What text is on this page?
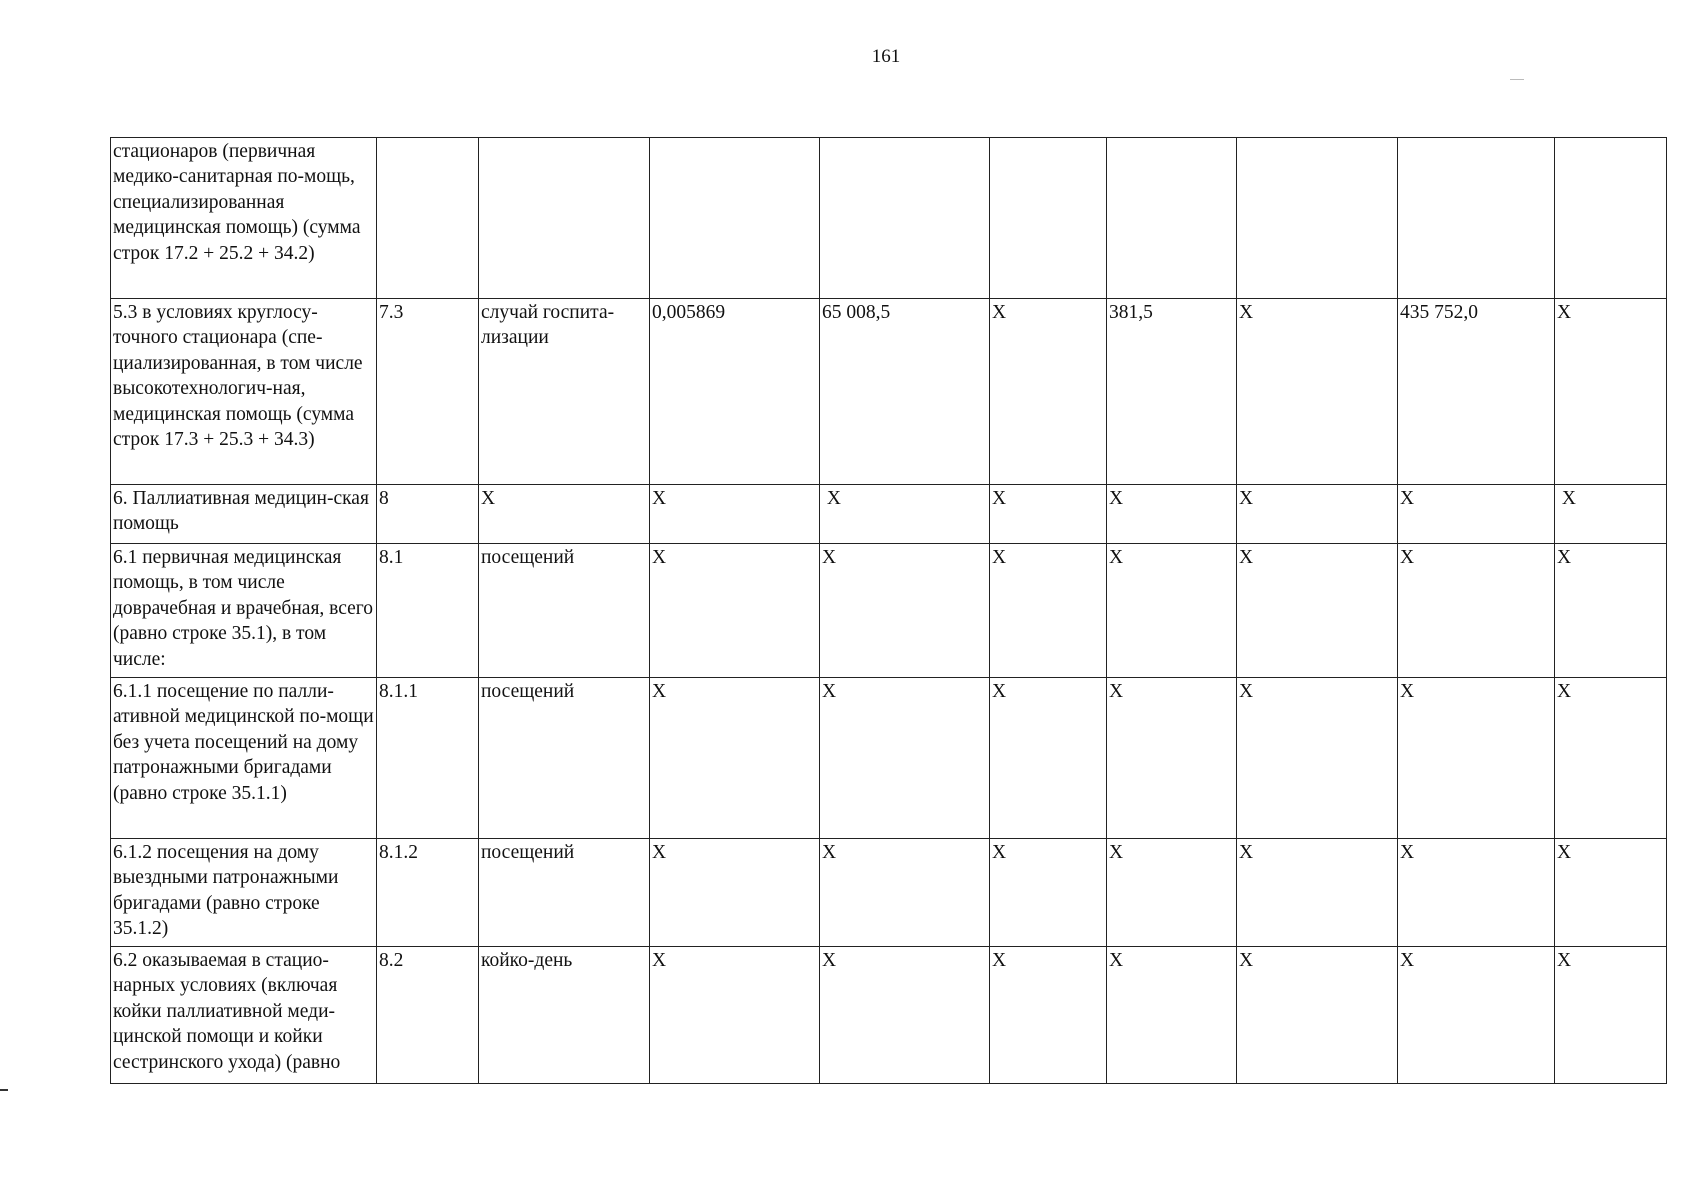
161
стационаров (первичная медико-санитарная по-мощь, специализированная медицинская помощь) (сумма строк 17.2 + 25.2 + 34.2)									
5.3 в условиях круглосу-точного стационара (спе-циализированная, в том числе высокотехнологич-ная, медицинская помощь (сумма строк 17.3 + 25.3 + 34.3)	7.3	случай госпита-лизации	0,005869	65 008,5	X	381,5	X	435 752,0	X
6. Паллиативная медицин-ская помощь	8	X	X	X	X	X	X	X	X
6.1 первичная медицинская помощь, в том числе доврачебная и врачебная, всего (равно строке 35.1), в том числе:	8.1	посещений	X	X	X	X	X	X	X
6.1.1 посещение по палли-ативной медицинской по-мощи без учета посещений на дому патронажными бригадами (равно строке 35.1.1)	8.1.1	посещений	X	X	X	X	X	X	X
6.1.2 посещения на дому выездными патронажными бригадами (равно строке 35.1.2)	8.1.2	посещений	X	X	X	X	X	X	X
6.2 оказываемая в стацио-нарных условиях (включая койки паллиативной меди-цинской помощи и койки сестринского ухода) (равно	8.2	койко-день	X	X	X	X	X	X	X
